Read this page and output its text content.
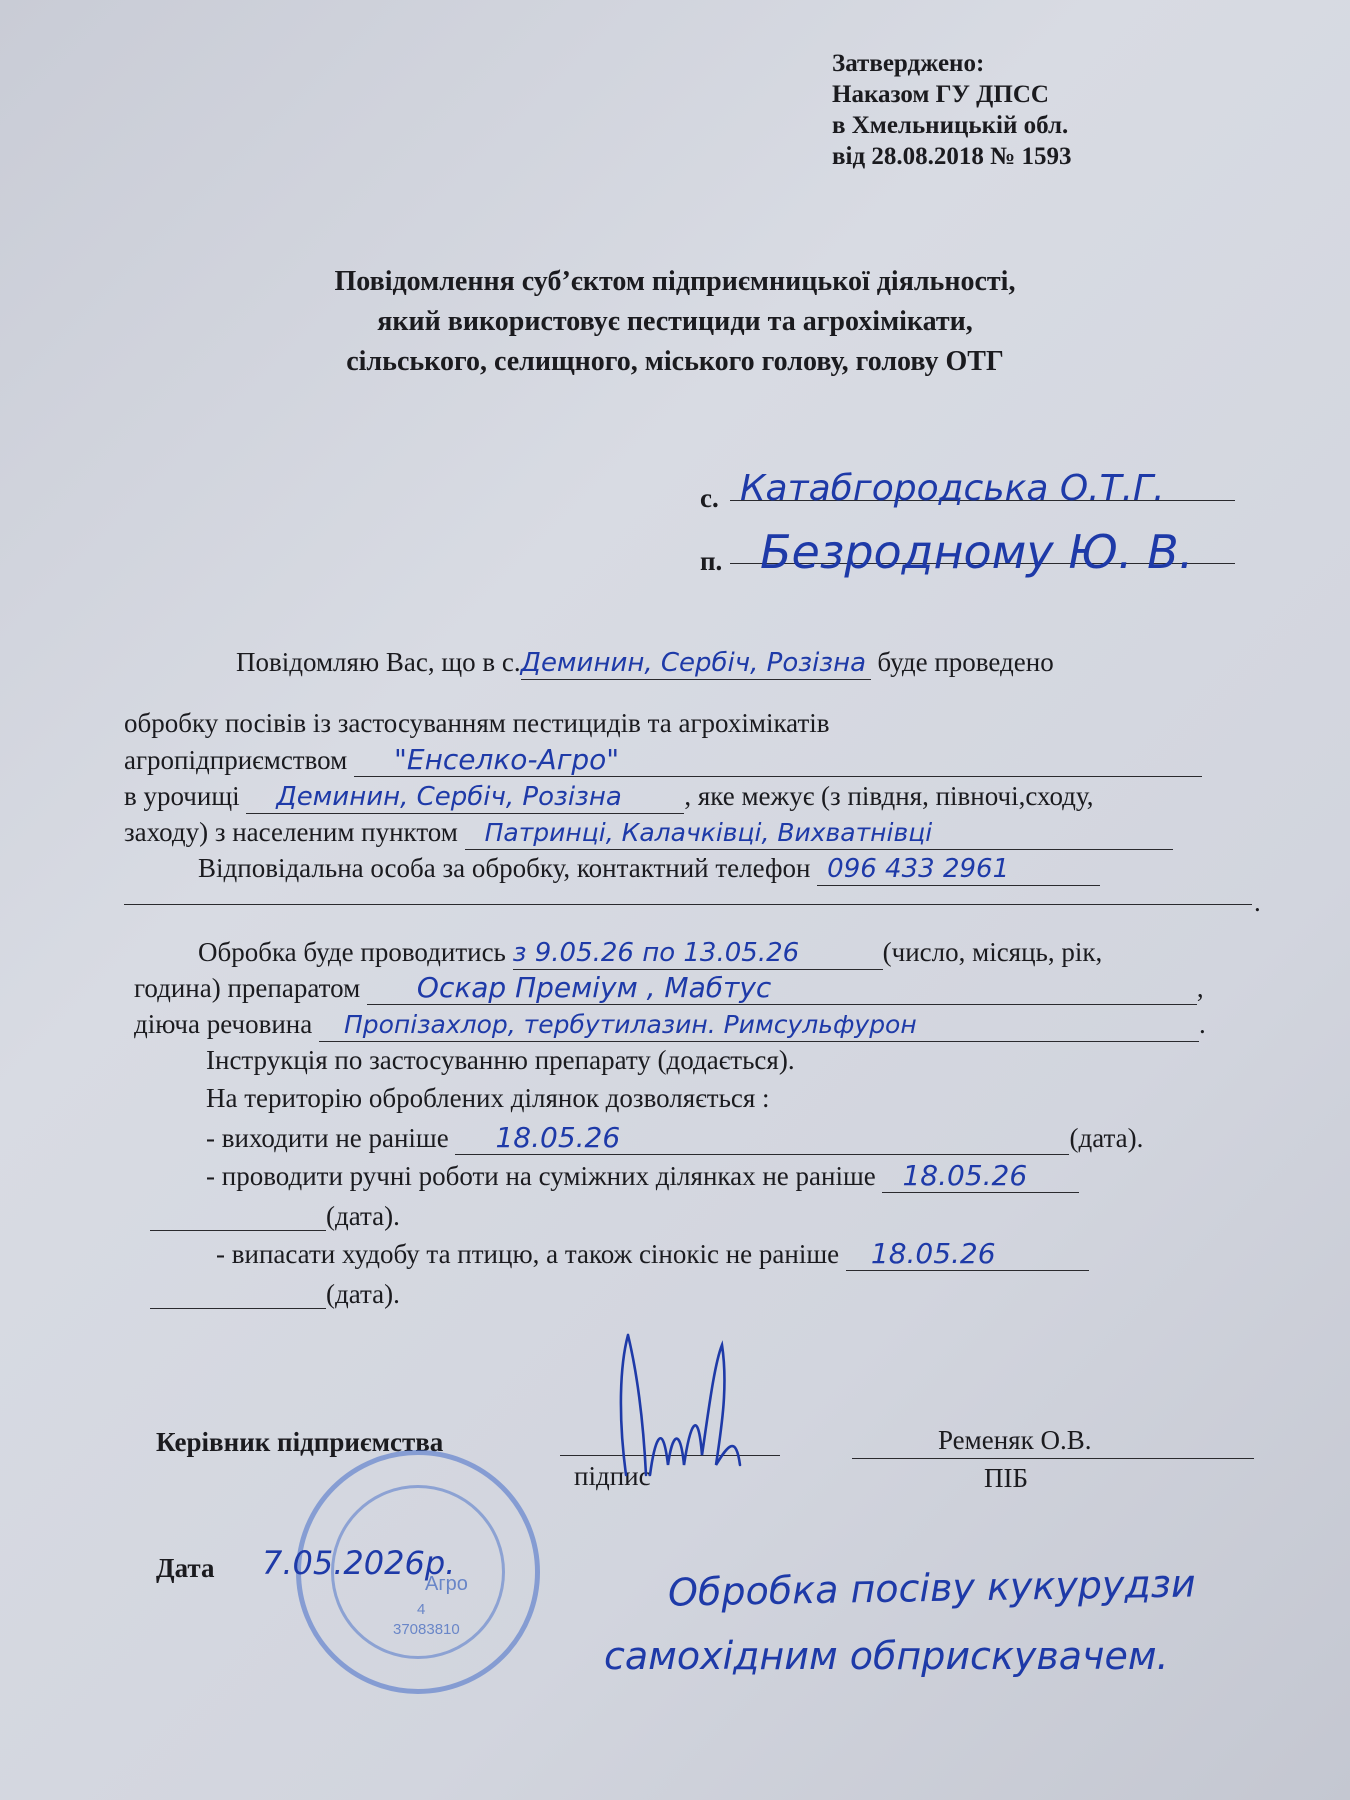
Затверджено:
Наказом ГУ ДПСС
в Хмельницькій обл.
від 28.08.2018 № 1593
Повідомлення суб’єктом підприємницької діяльності,
який використовує пестициди та агрохімікати,
сільського, селищного, міського голову, голову ОТГ
с. Катабгородська О.Т.Г.
п. Безродному Ю. В.
Повідомляю Вас, що в с.Деминин, Сербіч, Розізна буде проведено
обробку посівів із застосуванням пестицидів та агрохімікатів
агропідприємством "Енселко-Агро"
в урочищі Деминин, Сербіч, Розізна , яке межує (з півдня, півночі,сходу,
заходу) з населеним пунктом Патринці, Калачківці, Вихватнівці
Відповідальна особа за обробку, контактний телефон 096 433 2961
.
Обробка буде проводитись з 9.05.26 по 13.05.26	(число, місяць, рік,
година) препаратом Оскар Преміум , Мабтус	,
діюча речовина Пропізахлор, тербутилазин. Римсульфурон	.
Інструкція по застосуванню препарату (додається).
На територію оброблених ділянок дозволяється :
- виходити не раніше 18.05.26	(дата).
- проводити ручні роботи на суміжних ділянках не раніше 18.05.26
(дата).
- випасати худобу та птицю, а також сінокіс не раніше 18.05.26
(дата).
Керівник підприємства
підпис
Ременяк О.В.
ПІБ
Агро
4
37083810
Дата 7.05.2026р.	Обробка посіву кукурудзи
самохідним обприскувачем.
